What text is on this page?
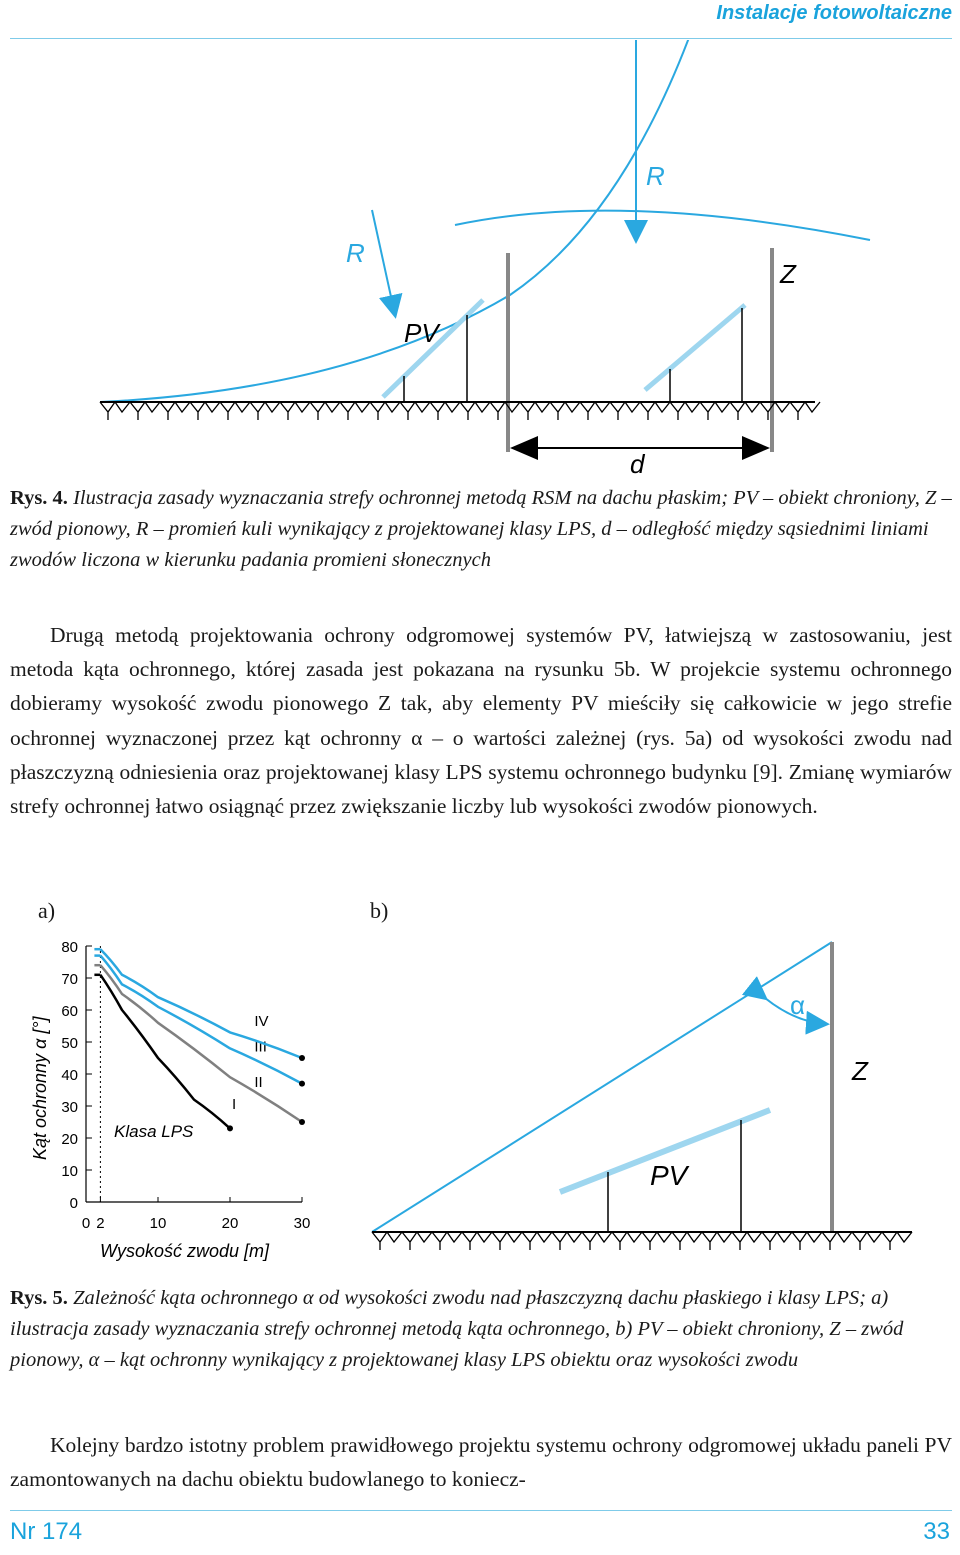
Instalacje fotowoltaiczne
R
R
Z
PV
d

Rys. 4. Ilustracja zasady wyznaczania strefy ochronnej metodą RSM na dachu płaskim; PV – obiekt chroniony, Z – zwód pionowy, R – promień kuli wynikający z projektowanej klasy LPS, d – odległość między sąsiednimi liniami zwodów liczona w kierunku padania promieni słonecznych

Drugą metodą projektowania ochrony odgromowej systemów PV, łatwiejszą w zastosowaniu, jest metoda kąta ochronnego, której zasada jest pokazana na rysunku 5b. W projekcie systemu ochronnego dobieramy wysokość zwodu pionowego Z tak, aby elementy PV mieściły się całkowicie w jego strefie ochronnej wyznaczonej przez kąt ochronny α – o wartości zależnej (rys. 5a) od wysokości zwodu nad płaszczyzną odniesienia oraz projektowanej klasy LPS systemu ochronnego budynku [9]. Zmianę wymiarów strefy ochronnej łatwo osiągnąć przez zwiększanie liczby lub wysokości zwodów pionowych.

a)	b)
I
II
III
IV
0
10
20
30
40
50
60
70
80
0 2	10	20	30
Klasa LPS
Wysokość zwodu [m]
Kąt ochronny α [°]
α
Z
PV

Rys. 5. Zależność kąta ochronnego α od wysokości zwodu nad płaszczyzną dachu płaskiego i klasy LPS; a) ilustracja zasady wyznaczania strefy ochronnej metodą kąta ochronnego, b) PV – obiekt chroniony, Z – zwód pionowy, α – kąt ochronny wynikający z projektowanej klasy LPS obiektu oraz wysokości zwodu

Kolejny bardzo istotny problem prawidłowego projektu systemu ochrony odgromowej układu paneli PV zamontowanych na dachu obiektu budowlanego to koniecz-

Nr 174	33
